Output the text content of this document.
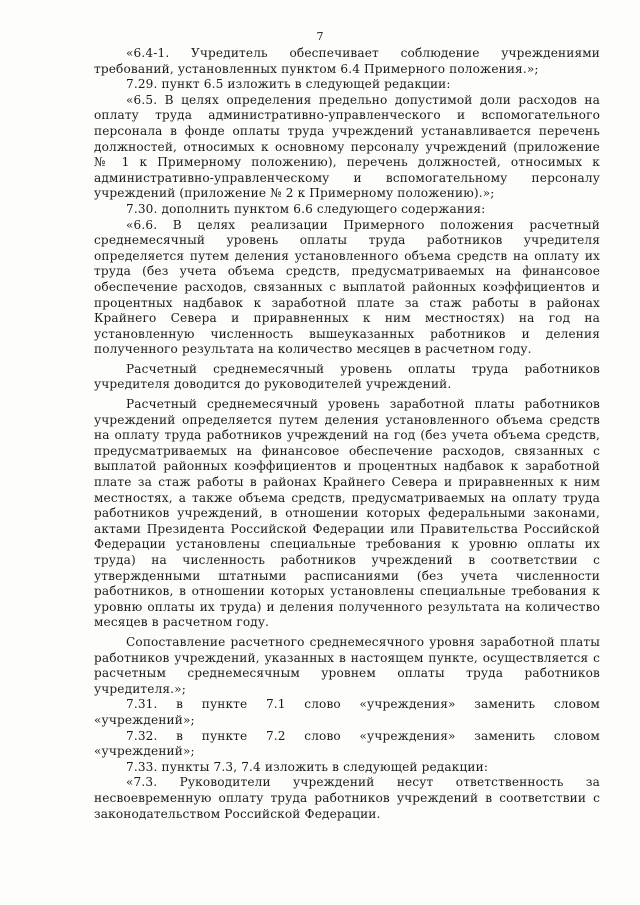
7

«6.4-1. Учредитель обеспечивает соблюдение учреждениями требований, установленных пунктом 6.4 Примерного положения.»;

7.29. пункт 6.5 изложить в следующей редакции:

«6.5. В целях определения предельно допустимой доли расходов на оплату труда административно-управленческого и вспомогательного персонала в фонде оплаты труда учреждений устанавливается перечень должностей, относимых к основному персоналу учреждений (приложение № 1 к Примерному положению), перечень должностей, относимых к административно-управленческому и вспомогательному персоналу учреждений (приложение № 2 к Примерному положению).»;

7.30. дополнить пунктом 6.6 следующего содержания:

«6.6. В целях реализации Примерного положения расчетный среднемесячный уровень оплаты труда работников учредителя определяется путем деления установленного объема средств на оплату их труда (без учета объема средств, предусматриваемых на финансовое обеспечение расходов, связанных с выплатой районных коэффициентов и процентных надбавок к заработной плате за стаж работы в районах Крайнего Севера и приравненных к ним местностях) на год на установленную численность вышеуказанных работников и деления полученного результата на количество месяцев в расчетном году.

Расчетный среднемесячный уровень оплаты труда работников учредителя доводится до руководителей учреждений.

Расчетный среднемесячный уровень заработной платы работников учреждений определяется путем деления установленного объема средств на оплату труда работников учреждений на год (без учета объема средств, предусматриваемых на финансовое обеспечение расходов, связанных с выплатой районных коэффициентов и процентных надбавок к заработной плате за стаж работы в районах Крайнего Севера и приравненных к ним местностях, а также объема средств, предусматриваемых на оплату труда работников учреждений, в отношении которых федеральными законами, актами Президента Российской Федерации или Правительства Российской Федерации установлены специальные требования к уровню оплаты их труда) на численность работников учреждений в соответствии с утвержденными штатными расписаниями (без учета численности работников, в отношении которых установлены специальные требования к уровню оплаты их труда) и деления полученного результата на количество месяцев в расчетном году.

Сопоставление расчетного среднемесячного уровня заработной платы работников учреждений, указанных в настоящем пункте, осуществляется с расчетным среднемесячным уровнем оплаты труда работников учредителя.»;

7.31. в пункте 7.1 слово «учреждения» заменить словом «учреждений»;

7.32. в пункте 7.2 слово «учреждения» заменить словом «учреждений»;

7.33. пункты 7.3, 7.4 изложить в следующей редакции:

«7.3. Руководители учреждений несут ответственность за несвоевременную оплату труда работников учреждений в соответствии с законодательством Российской Федерации.
